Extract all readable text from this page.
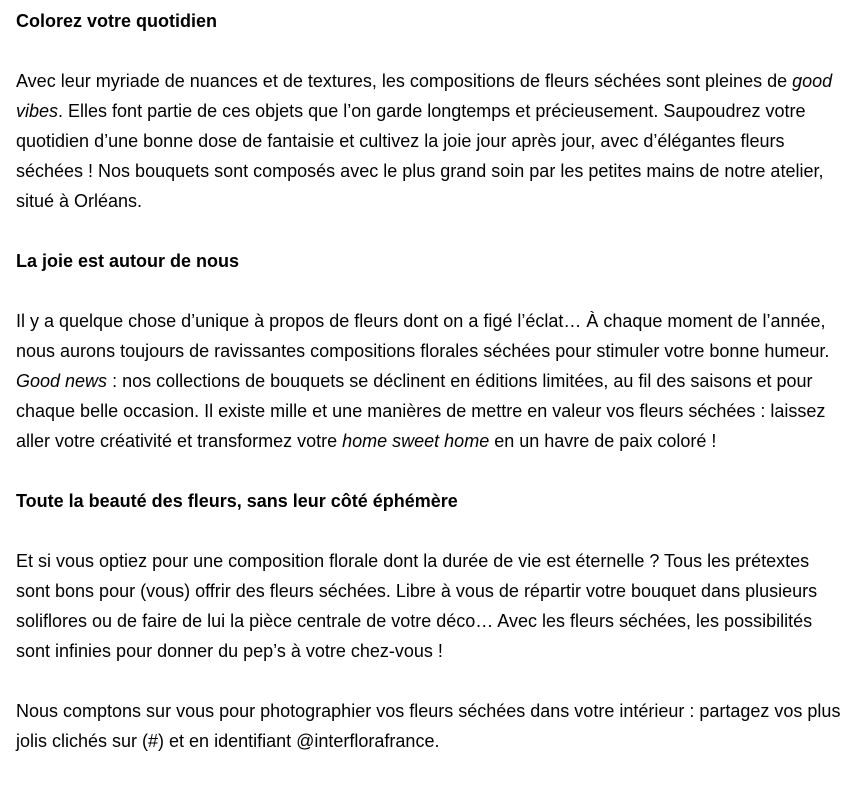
Colorez votre quotidien

Avec leur myriade de nuances et de textures, les compositions de fleurs séchées sont pleines de good vibes. Elles font partie de ces objets que l’on garde longtemps et précieusement. Saupoudrez votre quotidien d’une bonne dose de fantaisie et cultivez la joie jour après jour, avec d’élégantes fleurs séchées ! Nos bouquets sont composés avec le plus grand soin par les petites mains de notre atelier, situé à Orléans.

La joie est autour de nous

Il y a quelque chose d’unique à propos de fleurs dont on a figé l’éclat… À chaque moment de l’année, nous aurons toujours de ravissantes compositions florales séchées pour stimuler votre bonne humeur. Good news : nos collections de bouquets se déclinent en éditions limitées, au fil des saisons et pour chaque belle occasion. Il existe mille et une manières de mettre en valeur vos fleurs séchées : laissez aller votre créativité et transformez votre home sweet home en un havre de paix coloré !

Toute la beauté des fleurs, sans leur côté éphémère

Et si vous optiez pour une composition florale dont la durée de vie est éternelle ? Tous les prétextes sont bons pour (vous) offrir des fleurs séchées. Libre à vous de répartir votre bouquet dans plusieurs soliflores ou de faire de lui la pièce centrale de votre déco… Avec les fleurs séchées, les possibilités sont infinies pour donner du pep’s à votre chez-vous !

Nous comptons sur vous pour photographier vos fleurs séchées dans votre intérieur : partagez vos plus jolis clichés sur (#) et en identifiant @interflorafrance.
